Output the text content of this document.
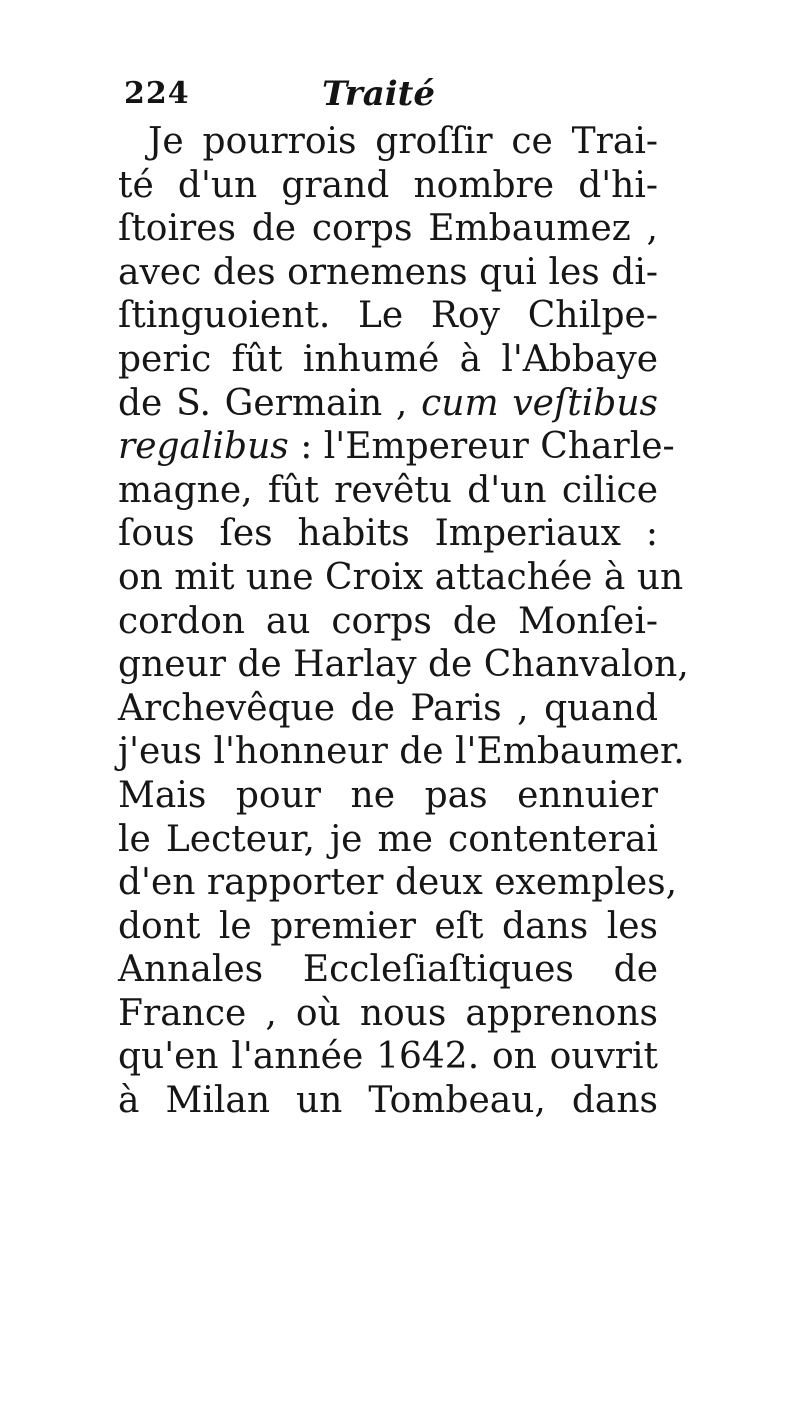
224	Traité
Je pourrois groſſir ce Trai-
té d'un grand nombre d'hi-
ſtoires de corps Embaumez ,
avec des ornemens qui les di-
ſtinguoient. Le Roy Chilpe-
peric fût inhumé à l'Abbaye
de S. Germain , cum veſtibus
regalibus : l'Empereur Charle-
magne, fût revêtu d'un cilice
ſous ſes habits Imperiaux :
on mit une Croix attachée à un
cordon au corps de Monſei-
gneur de Harlay de Chanvalon,
Archevêque de Paris , quand
j'eus l'honneur de l'Embaumer.
Mais pour ne pas ennuier
le Lecteur, je me contenterai
d'en rapporter deux exemples,
dont le premier eſt dans les
Annales Eccleſiaſtiques de
France , où nous apprenons
qu'en l'année 1642. on ouvrit
à Milan un Tombeau, dans
